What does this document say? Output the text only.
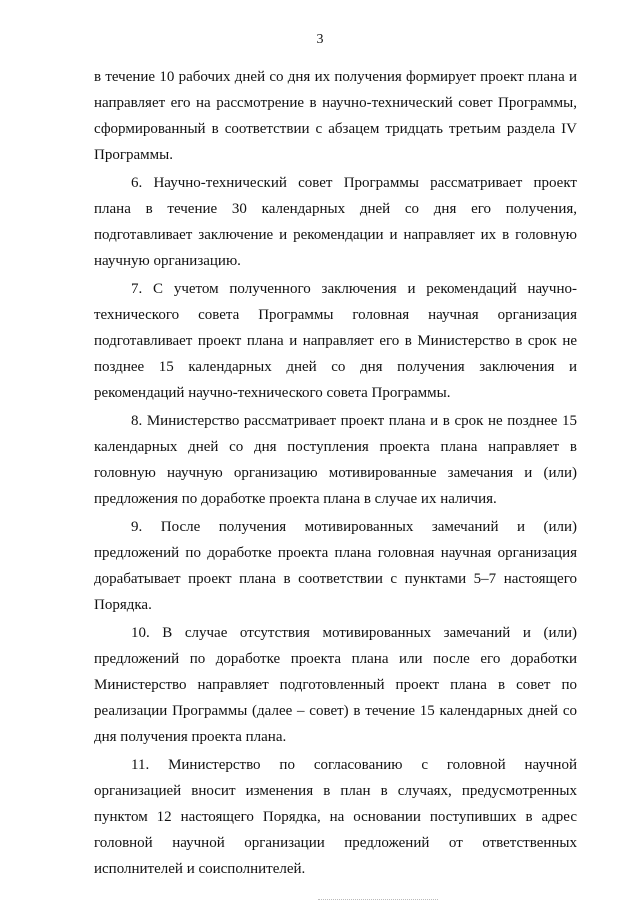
3

в течение 10 рабочих дней со дня их получения формирует проект плана и направляет его на рассмотрение в научно-технический совет Программы, сформированный в соответствии с абзацем тридцать третьим раздела IV Программы.

6. Научно-технический совет Программы рассматривает проект плана в течение 30 календарных дней со дня его получения, подготавливает заключение и рекомендации и направляет их в головную научную организацию.

7. С учетом полученного заключения и рекомендаций научно-технического совета Программы головная научная организация подготавливает проект плана и направляет его в Министерство в срок не позднее 15 календарных дней со дня получения заключения и рекомендаций научно-технического совета Программы.

8. Министерство рассматривает проект плана и в срок не позднее 15 календарных дней со дня поступления проекта плана направляет в головную научную организацию мотивированные замечания и (или) предложения по доработке проекта плана в случае их наличия.

9. После получения мотивированных замечаний и (или) предложений по доработке проекта плана головная научная организация дорабатывает проект плана в соответствии с пунктами 5–7 настоящего Порядка.

10. В случае отсутствия мотивированных замечаний и (или) предложений по доработке проекта плана или после его доработки Министерство направляет подготовленный проект плана в совет по реализации Программы (далее – совет) в течение 15 календарных дней со дня получения проекта плана.

11. Министерство по согласованию с головной научной организацией вносит изменения в план в случаях, предусмотренных пунктом 12 настоящего Порядка, на основании поступивших в адрес головной научной организации предложений от ответственных исполнителей и соисполнителей.
